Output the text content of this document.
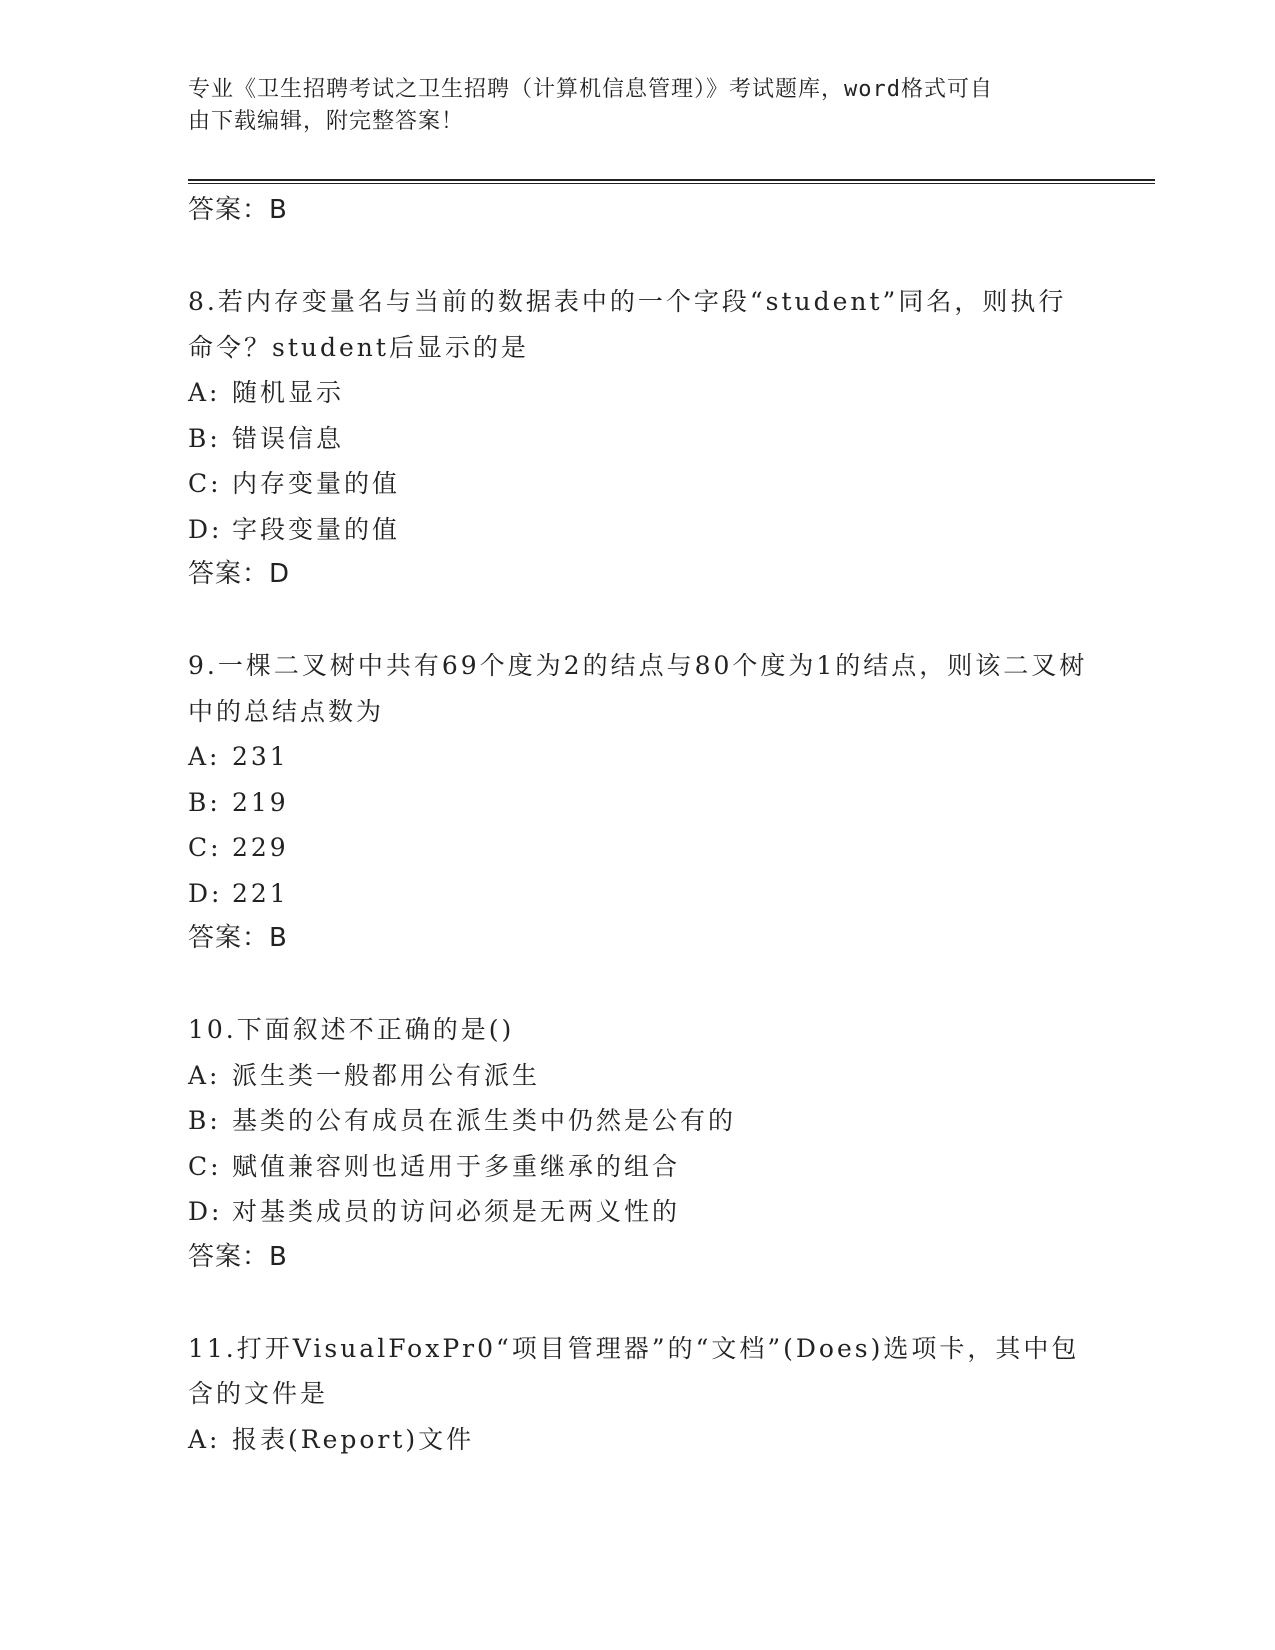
专业《卫生招聘考试之卫生招聘（计算机信息管理）》考试题库，word格式可自
由下载编辑，附完整答案！
答案：B
8.若内存变量名与当前的数据表中的一个字段“student”同名，则执行命令？student后显示的是
A: 随机显示
B: 错误信息
C: 内存变量的值
D: 字段变量的值
答案：D
9.一棵二叉树中共有69个度为2的结点与80个度为1的结点，则该二叉树中的总结点数为
A: 231
B: 219
C: 229
D: 221
答案：B
10.下面叙述不正确的是()
A: 派生类一般都用公有派生
B: 基类的公有成员在派生类中仍然是公有的
C: 赋值兼容则也适用于多重继承的组合
D: 对基类成员的访问必须是无两义性的
答案：B
11.打开VisualFoxPr0“项目管理器”的“文档”(Does)选项卡，其中包含的文件是
A: 报表(Report)文件
